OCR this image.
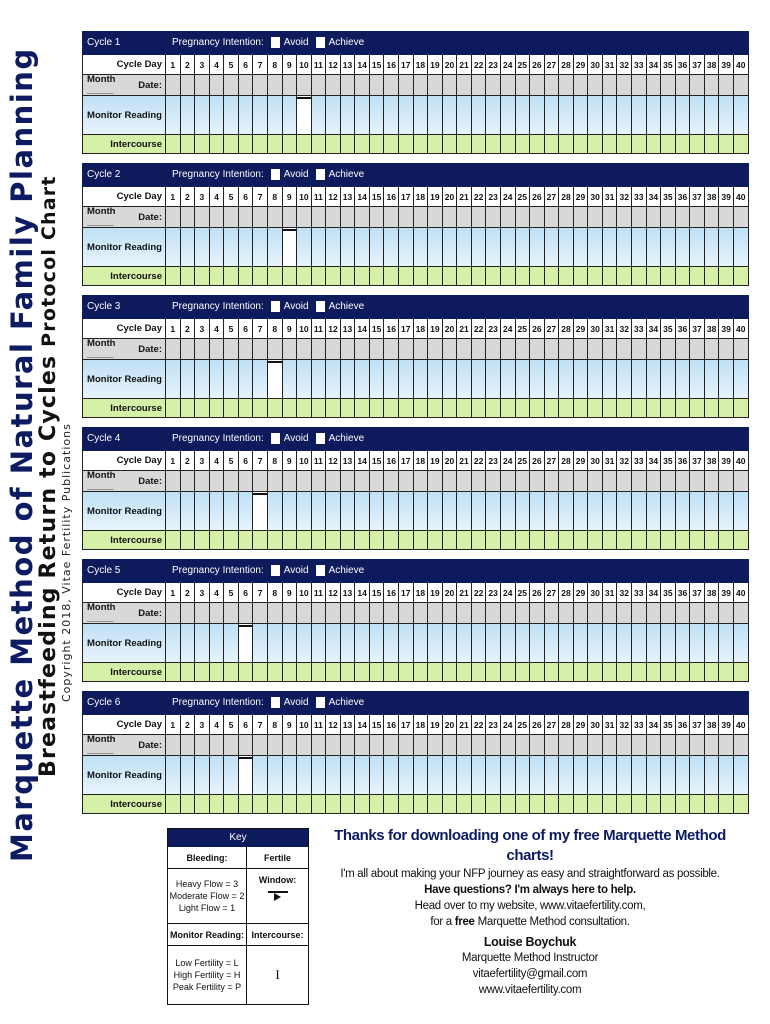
Marquette Method of Natural Family Planning
Breastfeeding Return to Cycles Protocol Chart
Copyright 2018, Vitae Fertility Publications
Cycle 1	Pregnancy Intention: Avoid Achieve
Cycle Day 1	2	3	4	5	6	7	8	9 10 11 12 13 14 15 16 17 18 19 20 21 22 23 24 25 26 27 28 29 30 31 32 33 34 35 36 37 38 39 40
Month _____	Date:
Monitor Reading
Intercourse
Cycle 2	Pregnancy Intention: Avoid Achieve
Cycle Day 1	2	3	4	5	6	7	8	9 10 11 12 13 14 15 16 17 18 19 20 21 22 23 24 25 26 27 28 29 30 31 32 33 34 35 36 37 38 39 40
Month _____	Date:
Monitor Reading
Intercourse
Cycle 3	Pregnancy Intention: Avoid Achieve
Cycle Day 1	2	3	4	5	6	7	8	9 10 11 12 13 14 15 16 17 18 19 20 21 22 23 24 25 26 27 28 29 30 31 32 33 34 35 36 37 38 39 40
Month _____	Date:
Monitor Reading
Intercourse
Cycle 4	Pregnancy Intention: Avoid Achieve
Cycle Day 1	2	3	4	5	6	7	8	9 10 11 12 13 14 15 16 17 18 19 20 21 22 23 24 25 26 27 28 29 30 31 32 33 34 35 36 37 38 39 40
Month _____	Date:
Monitor Reading
Intercourse
Cycle 5	Pregnancy Intention: Avoid Achieve
Cycle Day 1	2	3	4	5	6	7	8	9 10 11 12 13 14 15 16 17 18 19 20 21 22 23 24 25 26 27 28 29 30 31 32 33 34 35 36 37 38 39 40
Month _____	Date:
Monitor Reading
Intercourse
Cycle 6	Pregnancy Intention: Avoid Achieve
Cycle Day 1	2	3	4	5	6	7	8	9 10 11 12 13 14 15 16 17 18 19 20 21 22 23 24 25 26 27 28 29 30 31 32 33 34 35 36 37 38 39 40
Month _____	Date:
Monitor Reading
Intercourse
Key
Bleeding:	Fertile Window:
Heavy Flow = 3
Moderate Flow = 2
Light Flow = 1
Monitor Reading: Intercourse:
Low Fertility = L
High Fertility = H
Peak Fertility = P
I
Thanks for downloading one of my free Marquette Method charts!

I'm all about making your NFP journey as easy and straightforward as possible.

Have questions? I'm always here to help.

Head over to my website, www.vitaefertility.com,

for a free Marquette Method consultation.

Louise Boychuk

Marquette Method Instructor

vitaefertility@gmail.com

www.vitaefertility.com
